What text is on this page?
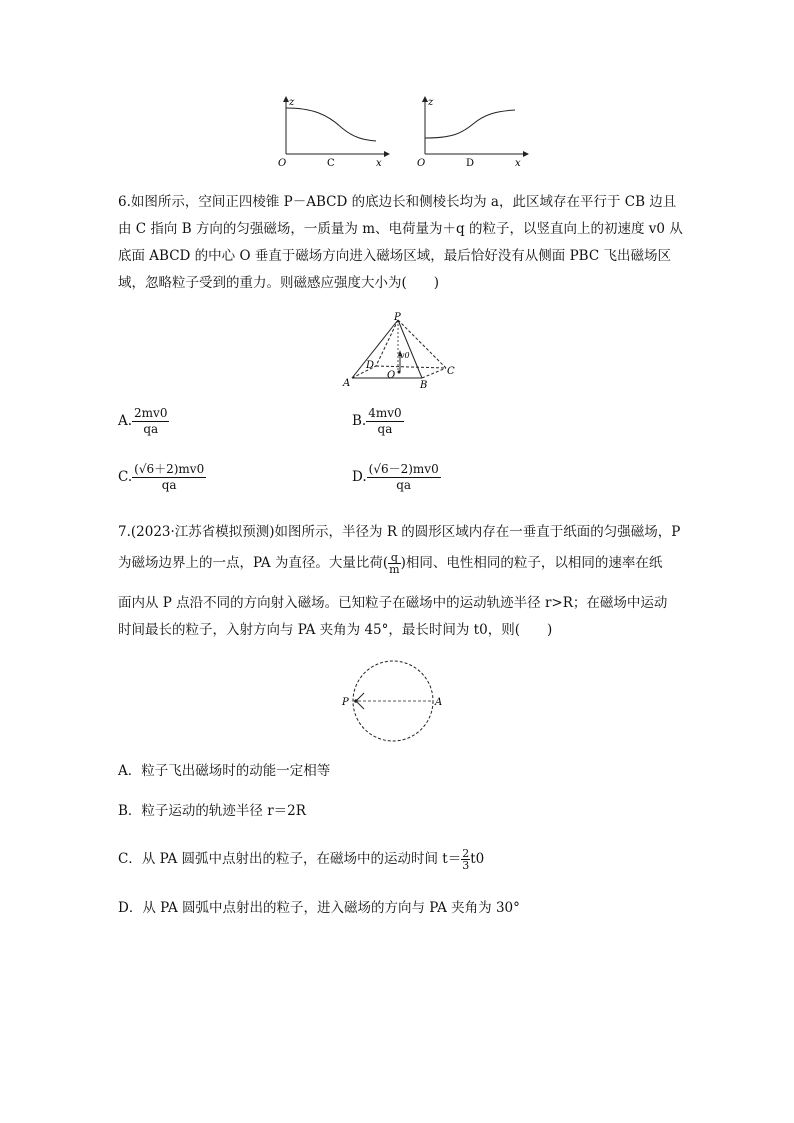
z
O	x
C
z
O	x
D
6.如图所示，空间正四棱锥 P－ABCD 的底边长和侧棱长均为 a，此区域存在平行于 CB 边且
由 C 指向 B 方向的匀强磁场，一质量为 m、电荷量为＋q 的粒子，以竖直向上的初速度 v0 从
底面 ABCD 的中心 O 垂直于磁场方向进入磁场区域，最后恰好没有从侧面 PBC 飞出磁场区
域，忽略粒子受到的重力。则磁感应强度大小为(　　)
P
A	B
C
D
O
v0
A. $\frac{2mv0}{qa}$	B. $\frac{4mv0}{qa}$
C. $\frac{(√6+2)mv0}{qa}$	D. $\frac{(√6-2)mv0}{qa}$
7.(2023·江苏省模拟预测)如图所示，半径为 R 的圆形区域内存在一垂直于纸面的匀强磁场，P
为磁场边界上的一点，PA 为直径。大量比荷( $\frac{q}{m}$ )相同、电性相同的粒子，以相同的速率在纸
面内从 P 点沿不同的方向射入磁场。已知粒子在磁场中的运动轨迹半径 r>R；在磁场中运动
时间最长的粒子，入射方向与 PA 夹角为 45°，最长时间为 t0，则(　　)
P	A
A．粒子飞出磁场时的动能一定相等
B．粒子运动的轨迹半径 r＝2R
C．从 PA 圆弧中点射出的粒子，在磁场中的运动时间 $t= \frac{2}{3} t0$
D．从 PA 圆弧中点射出的粒子，进入磁场的方向与 PA 夹角为 30°
